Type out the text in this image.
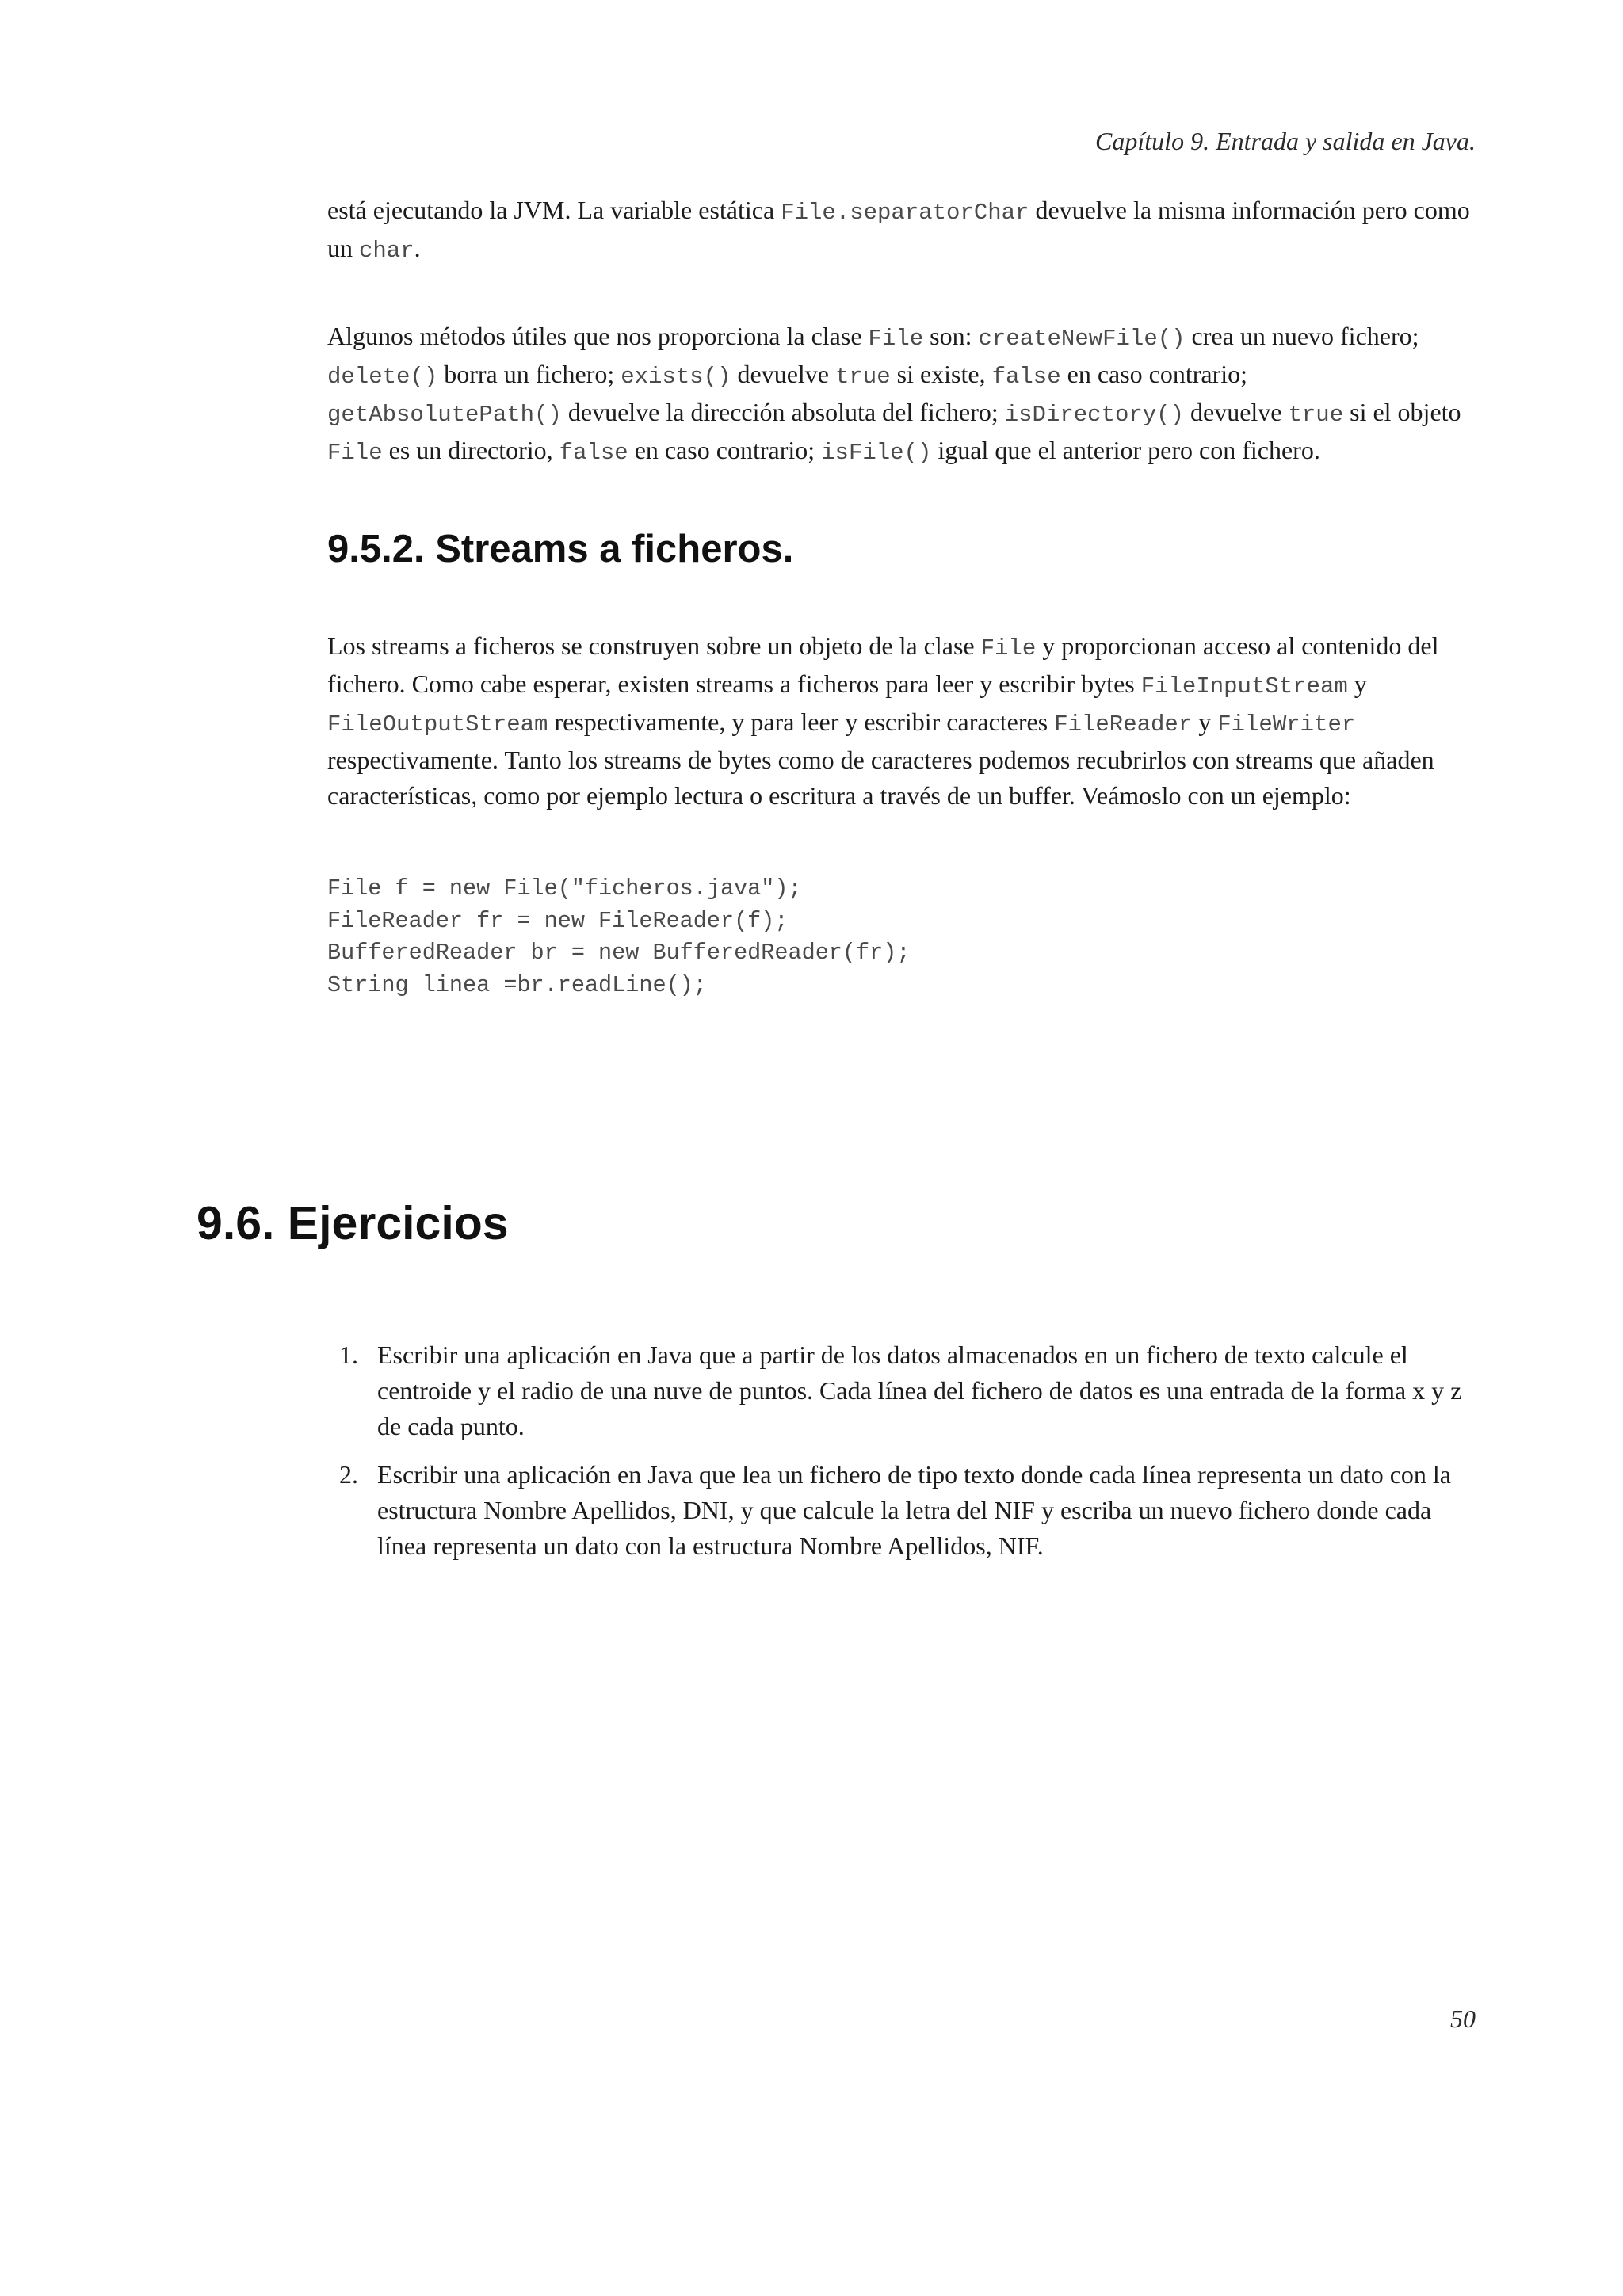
Capítulo 9. Entrada y salida en Java.

está ejecutando la JVM. La variable estática File.separatorChar devuelve la misma información pero como un char.

Algunos métodos útiles que nos proporciona la clase File son: createNewFile() crea un nuevo fichero; delete() borra un fichero; exists() devuelve true si existe, false en caso contrario; getAbsolutePath() devuelve la dirección absoluta del fichero; isDirectory() devuelve true si el objeto File es un directorio, false en caso contrario; isFile() igual que el anterior pero con fichero.

9.5.2. Streams a ficheros.

Los streams a ficheros se construyen sobre un objeto de la clase File y proporcionan acceso al contenido del fichero. Como cabe esperar, existen streams a ficheros para leer y escribir bytes FileInputStream y FileOutputStream respectivamente, y para leer y escribir caracteres FileReader y FileWriter respectivamente. Tanto los streams de bytes como de caracteres podemos recubrirlos con streams que añaden características, como por ejemplo lectura o escritura a través de un buffer. Veámoslo con un ejemplo:

File f = new File("ficheros.java");
FileReader fr = new FileReader(f);
BufferedReader br = new BufferedReader(fr);
String linea =br.readLine();
9.6. Ejercicios
1. Escribir una aplicación en Java que a partir de los datos almacenados en un fichero de texto calcule el centroide y el radio de una nuve de puntos. Cada línea del fichero de datos es una entrada de la forma x y z de cada punto.
2. Escribir una aplicación en Java que lea un fichero de tipo texto donde cada línea representa un dato con la estructura Nombre Apellidos, DNI, y que calcule la letra del NIF y escriba un nuevo fichero donde cada línea representa un dato con la estructura Nombre Apellidos, NIF.
50
